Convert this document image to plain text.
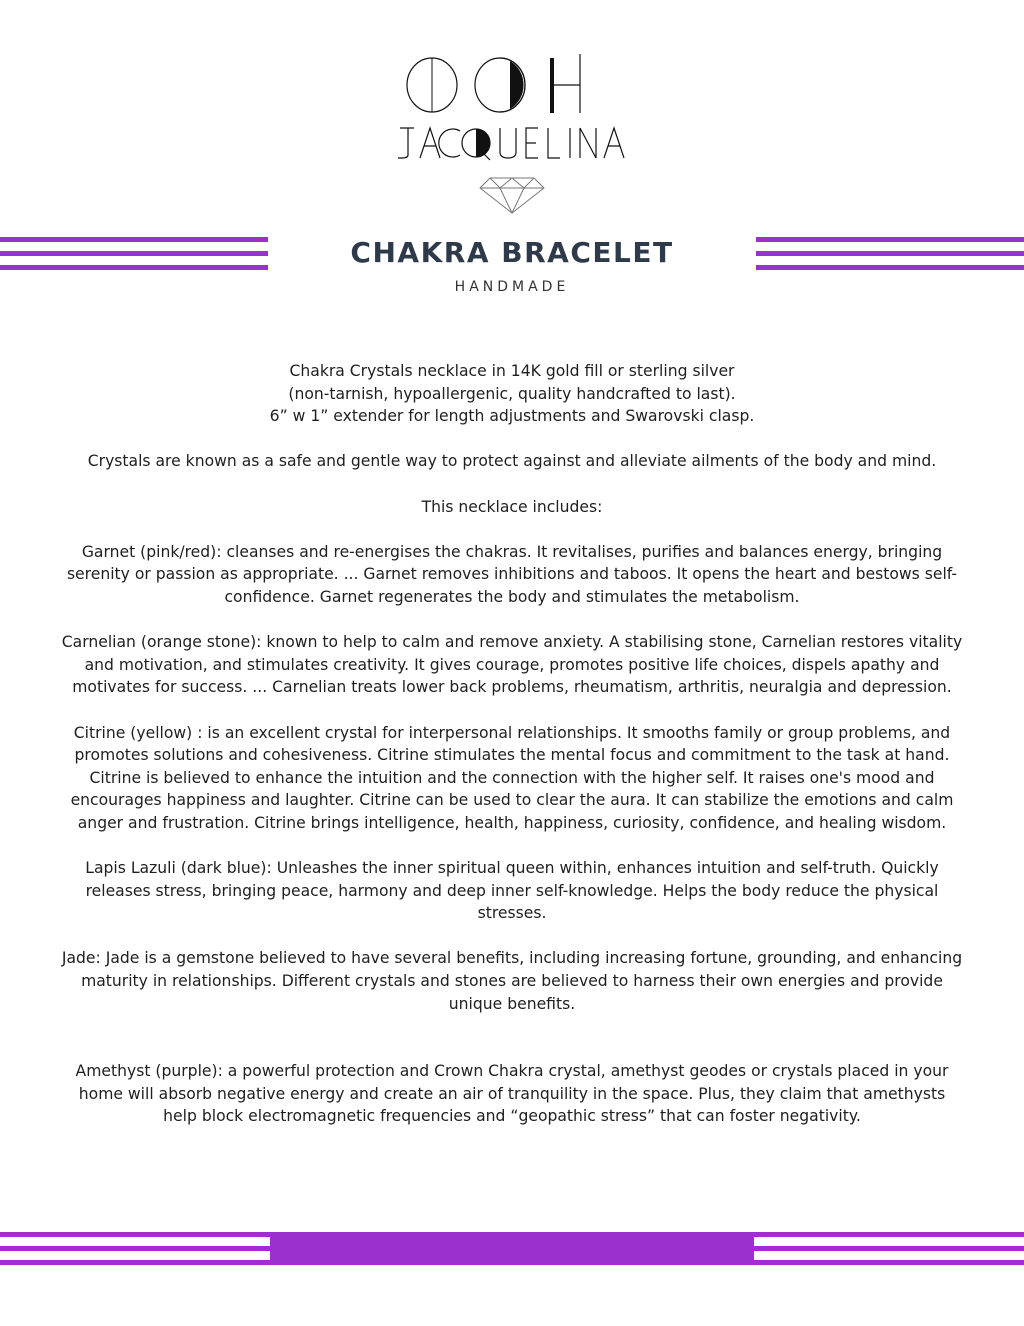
CHAKRA BRACELET
HANDMADE

Chakra Crystals necklace in 14K gold fill or sterling silver
(non-tarnish, hypoallergenic, quality handcrafted to last).
6” w 1” extender for length adjustments and Swarovski clasp.

Crystals are known as a safe and gentle way to protect against and alleviate ailments of the body and mind.

This necklace includes:

Garnet (pink/red): cleanses and re-energises the chakras. It revitalises, purifies and balances energy, bringing serenity or passion as appropriate. ... Garnet removes inhibitions and taboos. It opens the heart and bestows self-confidence. Garnet regenerates the body and stimulates the metabolism.

Carnelian (orange stone): known to help to calm and remove anxiety. A stabilising stone, Carnelian restores vitality and motivation, and stimulates creativity. It gives courage, promotes positive life choices, dispels apathy and motivates for success. ... Carnelian treats lower back problems, rheumatism, arthritis, neuralgia and depression.

Citrine (yellow) : is an excellent crystal for interpersonal relationships. It smooths family or group problems, and promotes solutions and cohesiveness. Citrine stimulates the mental focus and commitment to the task at hand. Citrine is believed to enhance the intuition and the connection with the higher self. It raises one's mood and encourages happiness and laughter. Citrine can be used to clear the aura. It can stabilize the emotions and calm anger and frustration. Citrine brings intelligence, health, happiness, curiosity, confidence, and healing wisdom.

Lapis Lazuli (dark blue): Unleashes the inner spiritual queen within, enhances intuition and self-truth. Quickly releases stress, bringing peace, harmony and deep inner self-knowledge. Helps the body reduce the physical stresses.

Jade: Jade is a gemstone believed to have several benefits, including increasing fortune, grounding, and enhancing maturity in relationships. Different crystals and stones are believed to harness their own energies and provide unique benefits.

Amethyst (purple): a powerful protection and Crown Chakra crystal, amethyst geodes or crystals placed in your home will absorb negative energy and create an air of tranquility in the space. Plus, they claim that amethysts help block electromagnetic frequencies and “geopathic stress” that can foster negativity.
